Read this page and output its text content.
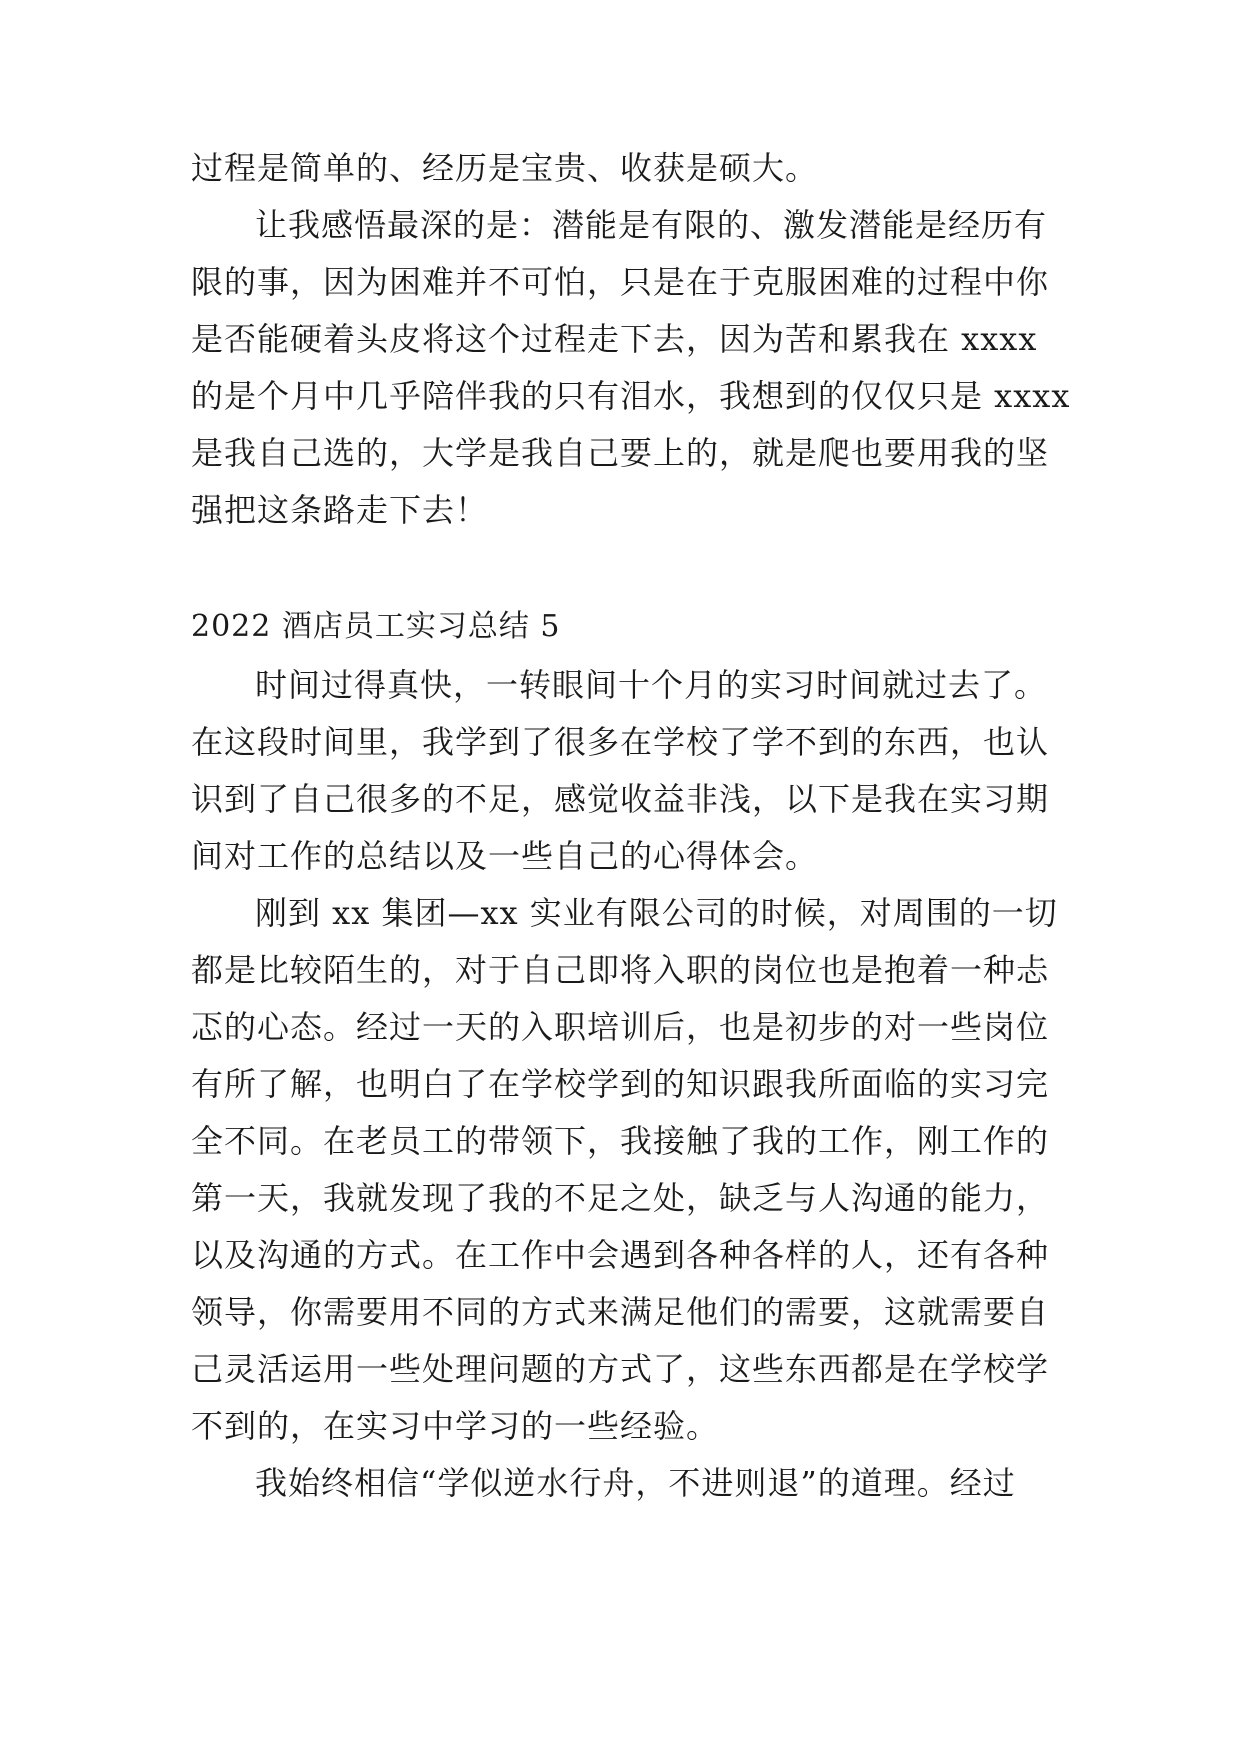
过程是简单的、经历是宝贵、收获是硕大。
让我感悟最深的是：潜能是有限的、激发潜能是经历有
限的事，因为困难并不可怕，只是在于克服困难的过程中你
是否能硬着头皮将这个过程走下去，因为苦和累我在 xxxx
的是个月中几乎陪伴我的只有泪水，我想到的仅仅只是 xxxx
是我自己选的，大学是我自己要上的，就是爬也要用我的坚
强把这条路走下去！
2022 酒店员工实习总结 5
时间过得真快，一转眼间十个月的实习时间就过去了。
在这段时间里，我学到了很多在学校了学不到的东西，也认
识到了自己很多的不足，感觉收益非浅，以下是我在实习期
间对工作的总结以及一些自己的心得体会。
刚到 xx 集团—xx 实业有限公司的时候，对周围的一切
都是比较陌生的，对于自己即将入职的岗位也是抱着一种忐
忑的心态。经过一天的入职培训后，也是初步的对一些岗位
有所了解，也明白了在学校学到的知识跟我所面临的实习完
全不同。在老员工的带领下，我接触了我的工作，刚工作的
第一天，我就发现了我的不足之处，缺乏与人沟通的能力，
以及沟通的方式。在工作中会遇到各种各样的人，还有各种
领导，你需要用不同的方式来满足他们的需要，这就需要自
己灵活运用一些处理问题的方式了，这些东西都是在学校学
不到的，在实习中学习的一些经验。
我始终相信“学似逆水行舟，不进则退”的道理。经过
